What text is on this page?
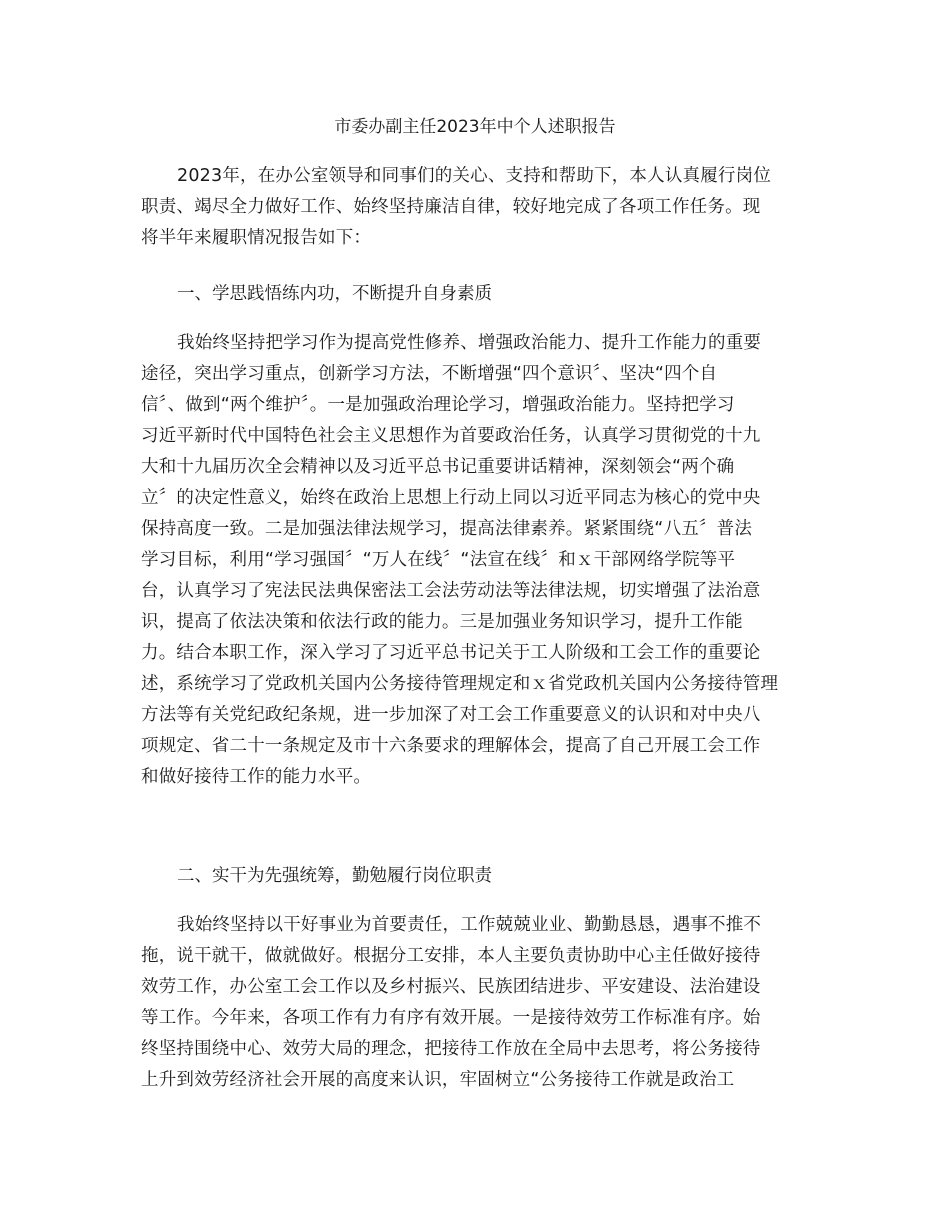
市委办副主任2023年中个人述职报告
2023年，在办公室领导和同事们的关心、支持和帮助下，本人认真履行岗位
职责、竭尽全力做好工作、始终坚持廉洁自律，较好地完成了各项工作任务。现
将半年来履职情况报告如下：
一、学思践悟练内功，不断提升自身素质
我始终坚持把学习作为提高党性修养、增强政治能力、提升工作能力的重要
途径，突出学习重点，创新学习方法，不断增强“四个意识〞、坚决“四个自
信〞、做到“两个维护〞。一是加强政治理论学习，增强政治能力。坚持把学习
习近平新时代中国特色社会主义思想作为首要政治任务，认真学习贯彻党的十九
大和十九届历次全会精神以及习近平总书记重要讲话精神，深刻领会“两个确
立〞的决定性意义，始终在政治上思想上行动上同以习近平同志为核心的党中央
保持高度一致。二是加强法律法规学习，提高法律素养。紧紧围绕“八五〞普法
学习目标，利用“学习强国〞“万人在线〞“法宣在线〞和ｘ干部网络学院等平
台，认真学习了宪法民法典保密法工会法劳动法等法律法规，切实增强了法治意
识，提高了依法决策和依法行政的能力。三是加强业务知识学习，提升工作能
力。结合本职工作，深入学习了习近平总书记关于工人阶级和工会工作的重要论
述，系统学习了党政机关国内公务接待管理规定和ｘ省党政机关国内公务接待管理
方法等有关党纪政纪条规，进一步加深了对工会工作重要意义的认识和对中央八
项规定、省二十一条规定及市十六条要求的理解体会，提高了自己开展工会工作
和做好接待工作的能力水平。
二、实干为先强统筹，勤勉履行岗位职责
我始终坚持以干好事业为首要责任，工作兢兢业业、勤勤恳恳，遇事不推不
拖，说干就干，做就做好。根据分工安排，本人主要负责协助中心主任做好接待
效劳工作，办公室工会工作以及乡村振兴、民族团结进步、平安建设、法治建设
等工作。今年来，各项工作有力有序有效开展。一是接待效劳工作标准有序。始
终坚持围绕中心、效劳大局的理念，把接待工作放在全局中去思考，将公务接待
上升到效劳经济社会开展的高度来认识，牢固树立“公务接待工作就是政治工
